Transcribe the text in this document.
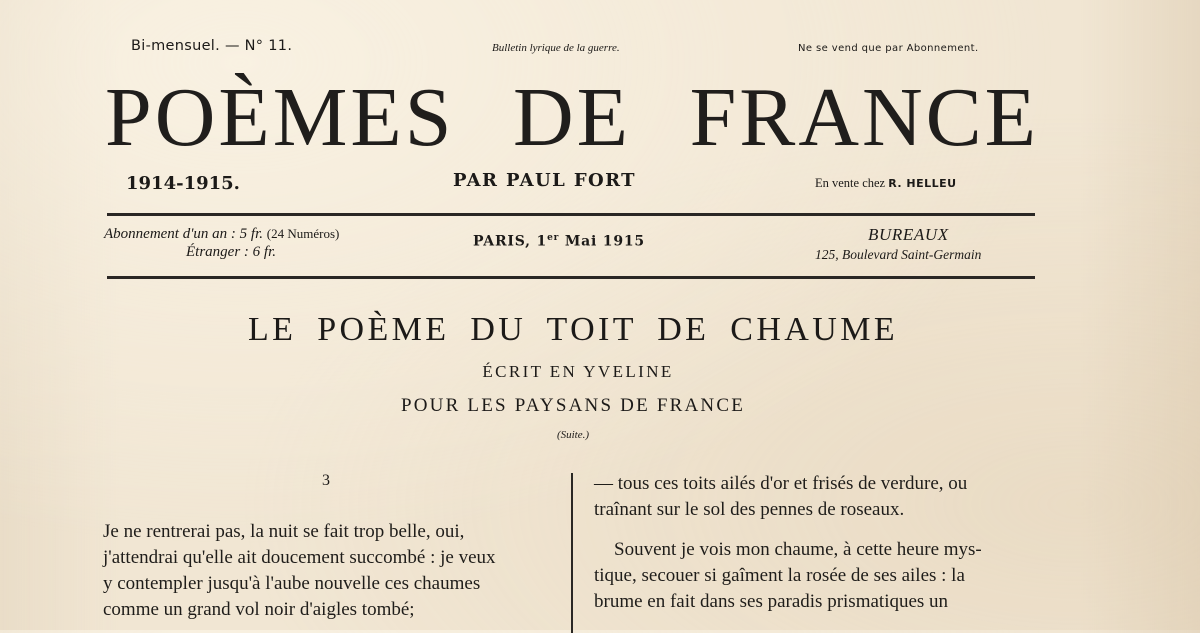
Bi-mensuel. — N° 11.	Bulletin lyrique de la guerre.	Ne se vend que par Abonnement.
POÈMES DE FRANCE
1914-1915.	PAR PAUL FORT	En vente chez R. HELLEU
Abonnement d'un an : 5 fr. (24 Numéros)
Étranger : 6 fr.
PARIS, 1er Mai 1915	BUREAUX
125, Boulevard Saint-Germain
LE POÈME DU TOIT DE CHAUME
ÉCRIT EN YVELINE
POUR LES PAYSANS DE FRANCE
(Suite.)
3
Je ne rentrerai pas, la nuit se fait trop belle, oui,
j'attendrai qu'elle ait doucement succombé : je veux
y contempler jusqu'à l'aube nouvelle ces chaumes
comme un grand vol noir d'aigles tombé;
— tous ces toits ailés d'or et frisés de verdure, ou
traînant sur le sol des pennes de roseaux.
Souvent je vois mon chaume, à cette heure mys-
tique, secouer si gaîment la rosée de ses ailes : la
brume en fait dans ses paradis prismatiques un
